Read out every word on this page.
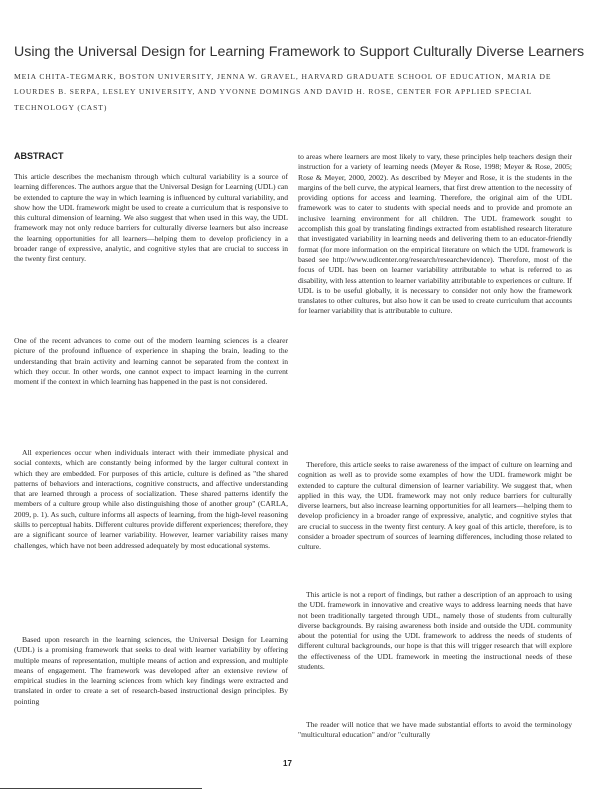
Using the Universal Design for Learning Framework to Support Culturally Diverse Learners
MEIA CHITA-TEGMARK, BOSTON UNIVERSITY, JENNA W. GRAVEL, HARVARD GRADUATE SCHOOL OF EDUCATION, MARIA DE LOURDES B. SERPA, LESLEY UNIVERSITY, AND YVONNE DOMINGS AND DAVID H. ROSE, CENTER FOR APPLIED SPECIAL TECHNOLOGY (CAST)
ABSTRACT

This article describes the mechanism through which cultural variability is a source of learning differences. The authors argue that the Universal Design for Learning (UDL) can be extended to capture the way in which learning is influenced by cultural variability, and show how the UDL framework might be used to create a curriculum that is responsive to this cultural dimension of learning. We also suggest that when used in this way, the UDL framework may not only reduce barriers for culturally diverse learners but also increase the learning opportunities for all learners—helping them to develop proficiency in a broader range of expressive, analytic, and cognitive styles that are crucial to success in the twenty first century.

One of the recent advances to come out of the modern learning sciences is a clearer picture of the profound influence of experience in shaping the brain, leading to the understanding that brain activity and learning cannot be separated from the context in which they occur. In other words, one cannot expect to impact learning in the current moment if the context in which learning has happened in the past is not considered.

All experiences occur when individuals interact with their immediate physical and social contexts, which are constantly being informed by the larger cultural context in which they are embedded. For purposes of this article, culture is defined as "the shared patterns of behaviors and interactions, cognitive constructs, and affective understanding that are learned through a process of socialization. These shared patterns identify the members of a culture group while also distinguishing those of another group" (CARLA, 2009, p. 1). As such, culture informs all aspects of learning, from the high-level reasoning skills to perceptual habits. Different cultures provide different experiences; therefore, they are a significant source of learner variability. However, learner variability raises many challenges, which have not been addressed adequately by most educational systems.

Based upon research in the learning sciences, the Universal Design for Learning (UDL) is a promising framework that seeks to deal with learner variability by offering multiple means of representation, multiple means of action and expression, and multiple means of engagement. The framework was developed after an extensive review of empirical studies in the learning sciences from which key findings were extracted and translated in order to create a set of research-based instructional design principles. By pointing

to areas where learners are most likely to vary, these principles help teachers design their instruction for a variety of learning needs (Meyer & Rose, 1998; Meyer & Rose, 2005; Rose & Meyer, 2000, 2002). As described by Meyer and Rose, it is the students in the margins of the bell curve, the atypical learners, that first drew attention to the necessity of providing options for access and learning. Therefore, the original aim of the UDL framework was to cater to students with special needs and to provide and promote an inclusive learning environment for all children. The UDL framework sought to accomplish this goal by translating findings extracted from established research literature that investigated variability in learning needs and delivering them to an educator-friendly format (for more information on the empirical literature on which the UDL framework is based see http://www.udlcenter.org/research/researchevidence). Therefore, most of the focus of UDL has been on learner variability attributable to what is referred to as disability, with less attention to learner variability attributable to experiences or culture. If UDL is to be useful globally, it is necessary to consider not only how the framework translates to other cultures, but also how it can be used to create curriculum that accounts for learner variability that is attributable to culture.

Therefore, this article seeks to raise awareness of the impact of culture on learning and cognition as well as to provide some examples of how the UDL framework might be extended to capture the cultural dimension of learner variability. We suggest that, when applied in this way, the UDL framework may not only reduce barriers for culturally diverse learners, but also increase learning opportunities for all learners—helping them to develop proficiency in a broader range of expressive, analytic, and cognitive styles that are crucial to success in the twenty first century. A key goal of this article, therefore, is to consider a broader spectrum of sources of learning differences, including those related to culture.

This article is not a report of findings, but rather a description of an approach to using the UDL framework in innovative and creative ways to address learning needs that have not been traditionally targeted through UDL, namely those of students from culturally diverse backgrounds. By raising awareness both inside and outside the UDL community about the potential for using the UDL framework to address the needs of students of different cultural backgrounds, our hope is that this will trigger research that will explore the effectiveness of the UDL framework in meeting the instructional needs of these students.

The reader will notice that we have made substantial efforts to avoid the terminology "multicultural education" and/or "culturally

17
